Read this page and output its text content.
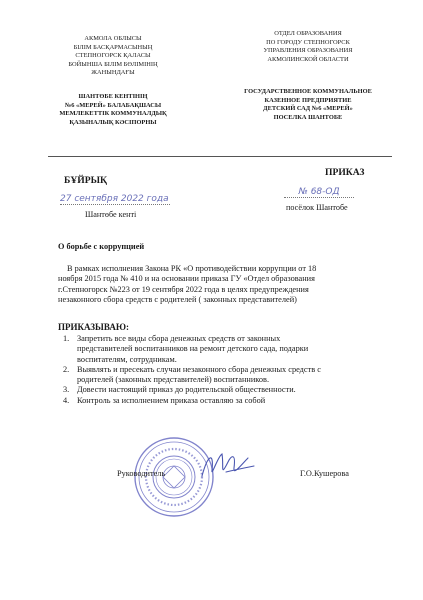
АКМОЛА ОБЛЫСЫ
БІЛІМ БАСҚАРМАСЫНЫҢ
СТЕПНОГОРСК ҚАЛАСЫ
БОЙЫНША БІЛІМ БӨЛІМІНІҢ
ЖАНЫНДАҒЫ
ШАНТӨБЕ КЕНТІНІҢ
№6 «МЕРЕЙ» БАЛАБАҚШАСЫ
МЕМЛЕКЕТТІК КОММУНАЛДЫҚ
ҚАЗЫНАЛЫҚ КӘСІПОРНЫ
ОТДЕЛ ОБРАЗОВАНИЯ
ПО ГОРОДУ СТЕПНОГОРСК
УПРАВЛЕНИЯ ОБРАЗОВАНИЯ
АКМОЛИНСКОЙ ОБЛАСТИ
ГОСУДАРСТВЕННОЕ КОММУНАЛЬНОЕ
КАЗЕННОЕ ПРЕДПРИЯТИЕ
ДЕТСКИЙ САД №6 «МЕРЕЙ»
ПОСЕЛКА ШАНТОБЕ
БҰЙРЫҚ
ПРИКАЗ
27 сентября 2022 года
№ 68-ОД
Шантөбе кенті
посёлок Шантобе
О борьбе с коррупцией
В рамках исполнения Закона РК «О противодействии коррупции от 18
ноября 2015 года № 410 и на основании приказа ГУ «Отдел образования
г.Степногорск №223 от 19 сентября 2022 года в целях предупреждения
незаконного сбора средств с родителей ( законных представителей)
ПРИКАЗЫВАЮ:
1. Запретить все виды сбора денежных средств от законных
представителей воспитанников на ремонт детского сада, подарки
воспитателям, сотрудникам.
2. Выявлять и пресекать случаи незаконного сбора денежных средств с
родителей (законных представителей) воспитанников.
3. Довести настоящий приказ до родительской общественности.
4. Контроль за исполнением приказа оставляю за собой
Руководитель	Г.О.Кушерова
